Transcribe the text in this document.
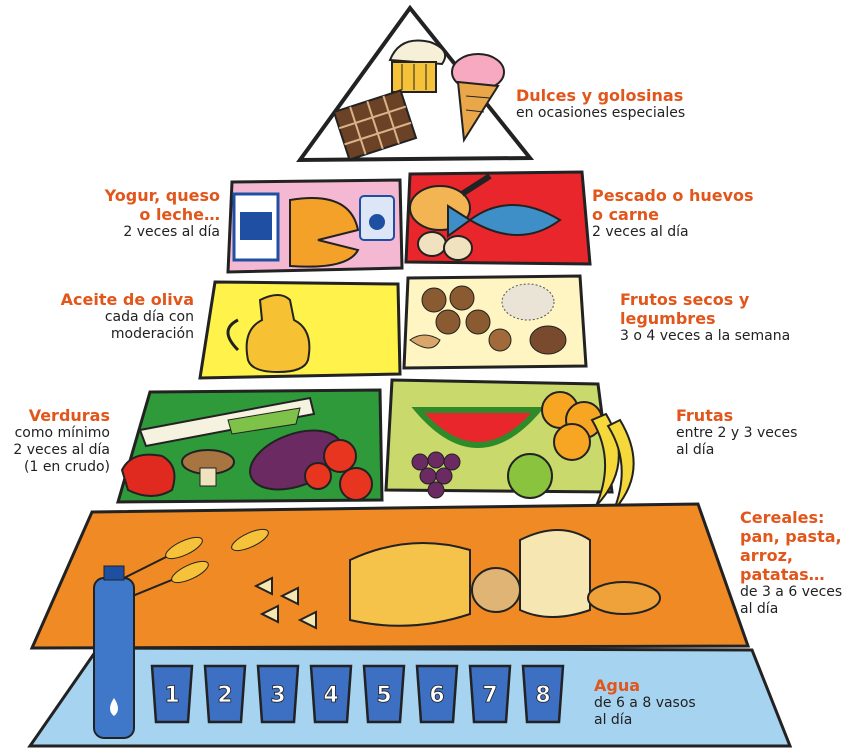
1 2 3 4 5 6 7 8
Dulces y golosinas
en ocasiones especiales
Yogur, queso
o leche…
2 veces al día
Pescado o huevos
o carne
2 veces al día
Aceite de oliva
cada día con
moderación
Frutos secos y
legumbres
3 o 4 veces a la semana
Verduras
como mínimo
2 veces al día
(1 en crudo)
Frutas
entre 2 y 3 veces
al día
Cereales:
pan, pasta,
arroz,
patatas…
de 3 a 6 veces
al día
Agua
de 6 a 8 vasos
al día
